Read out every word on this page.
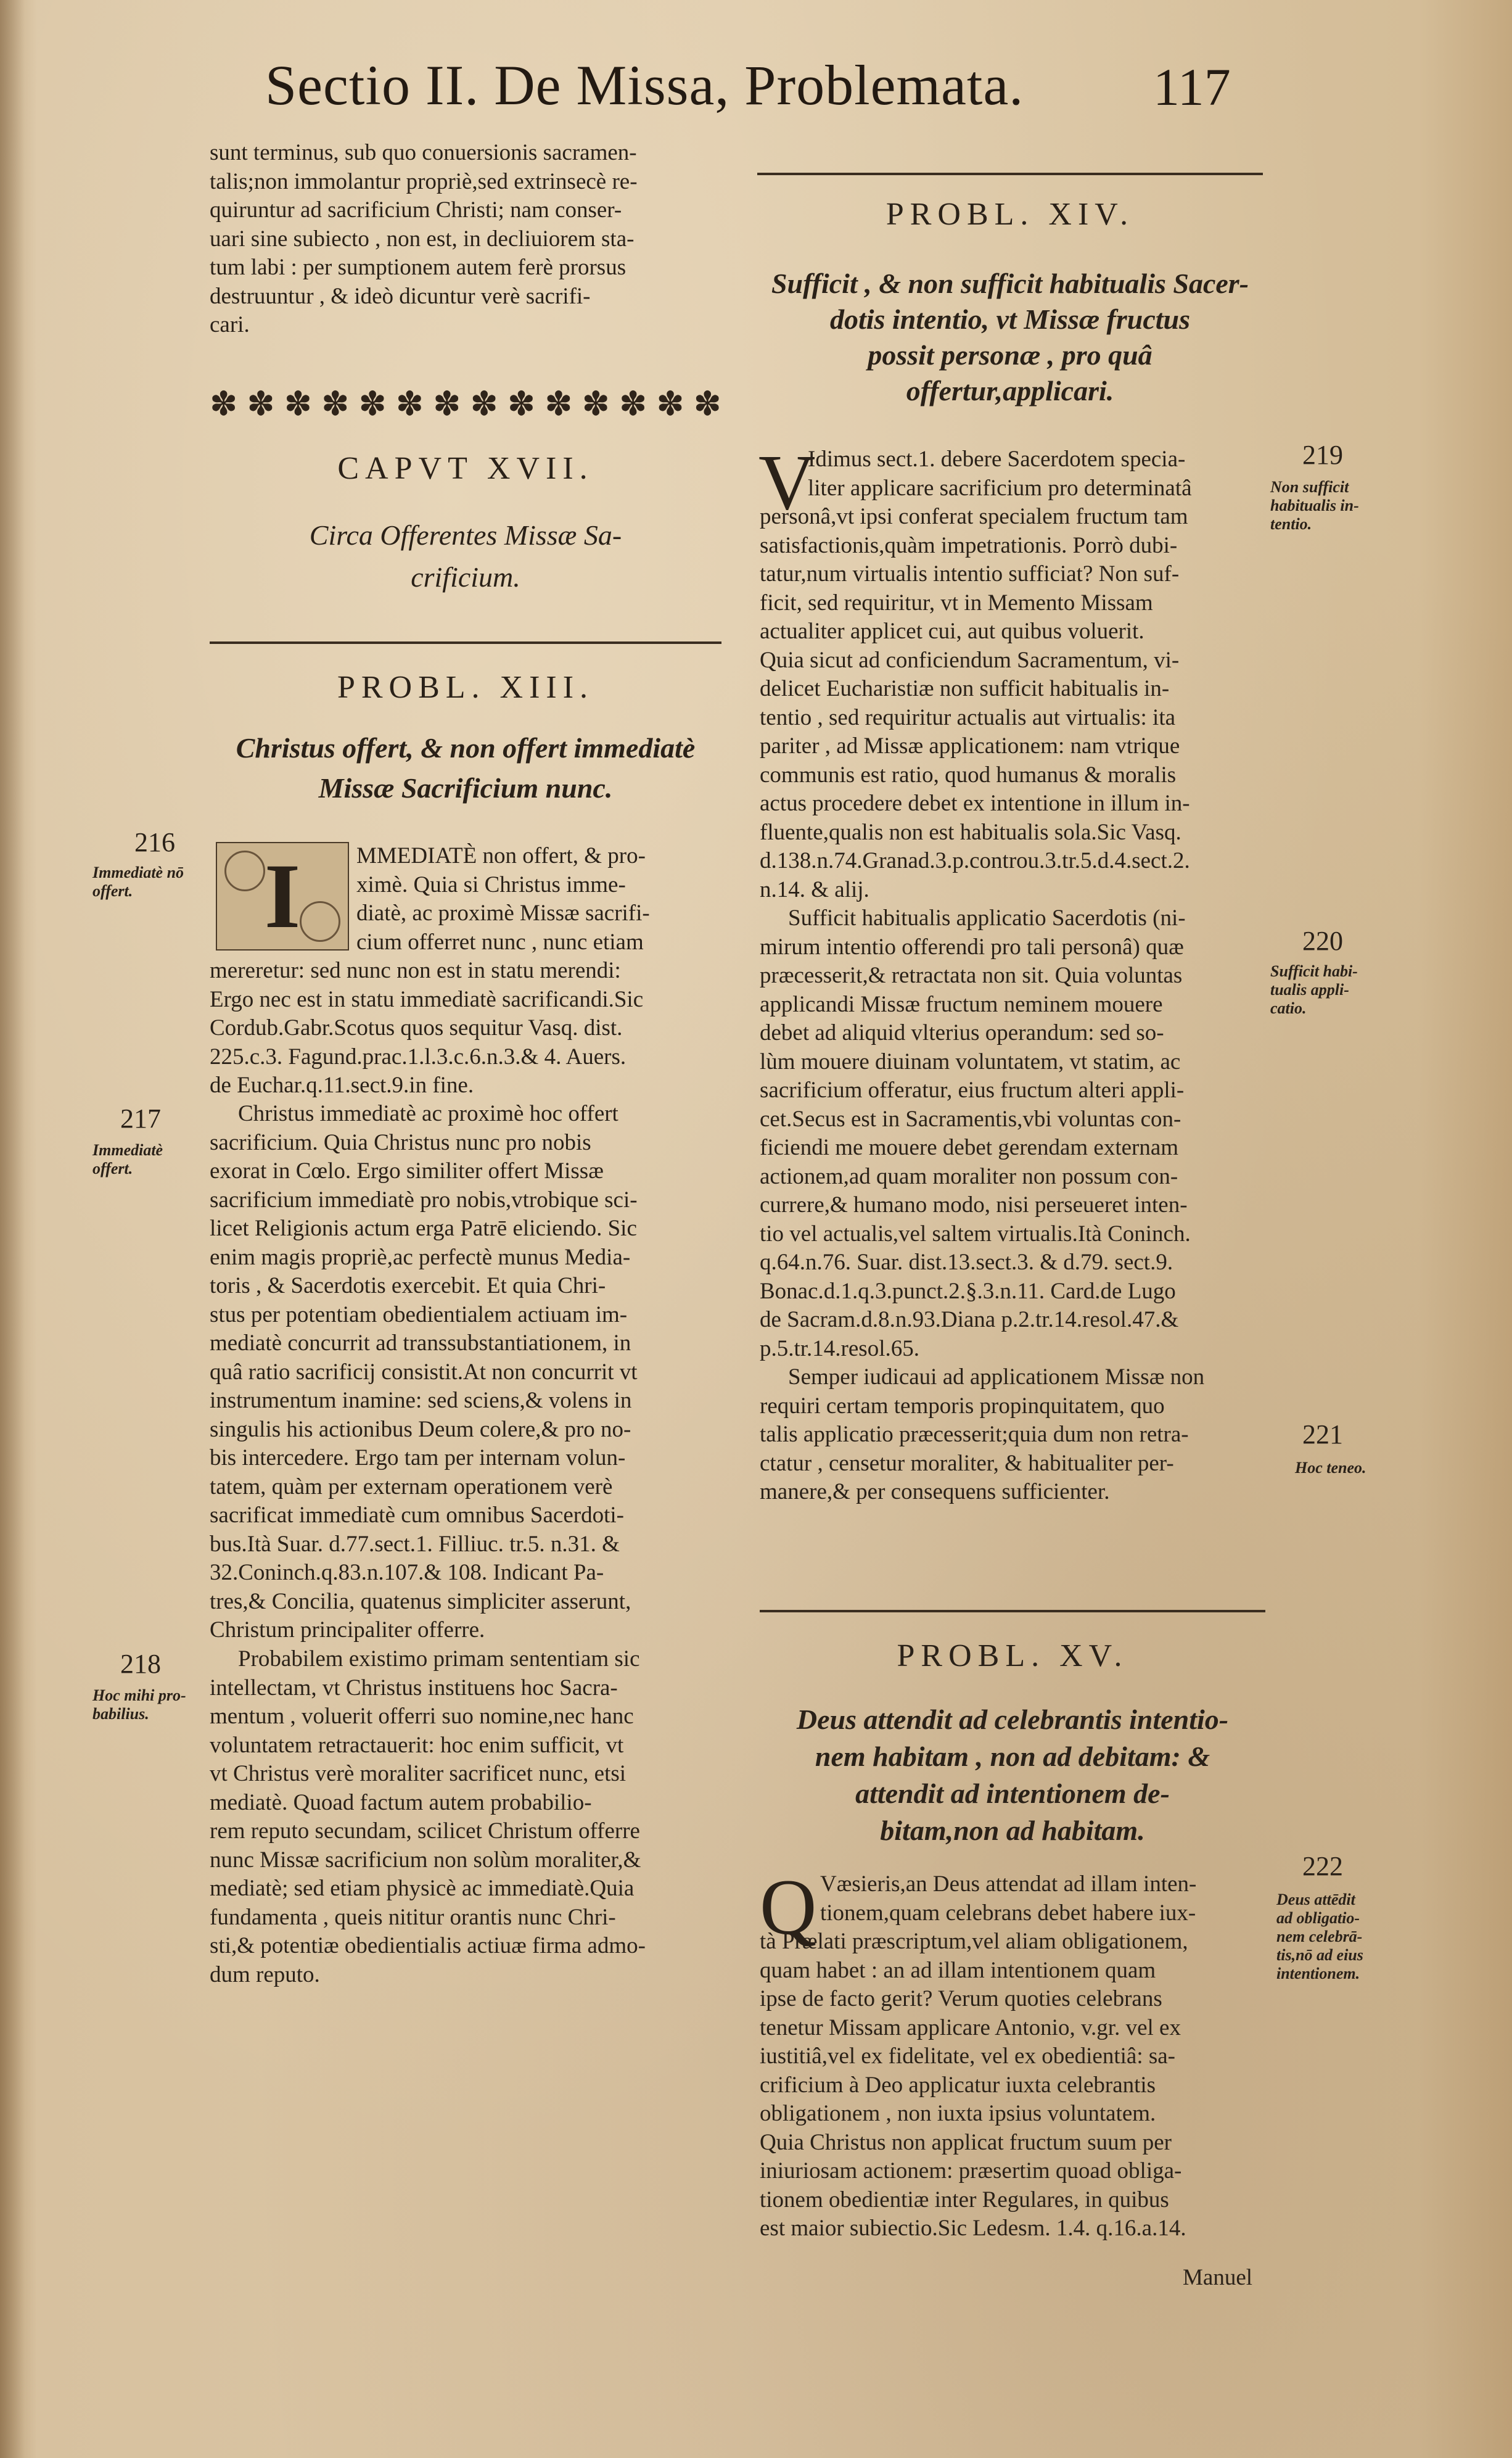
Sectio II. De Missa, Problemata. 117
sunt terminus, sub quo conuersionis sacramen-
talis;non immolantur propriè,sed extrinsecè re-
quiruntur ad sacrificium Christi; nam conser-
uari sine subiecto , non est, in decliuiorem sta-
tum labi : per sumptionem autem ferè prorsus
destruuntur , & ideò dicuntur verè sacrifi-
cari.
✽ ✽ ✽ ✽ ✽ ✽ ✽ ✽ ✽ ✽ ✽ ✽ ✽ ✽
CAPVT XVII.
Circa Offerentes Missæ Sa-
crificium.
PROBL. XIII.
Christus offert, & non offert immediatè
Missæ Sacrificium nunc.
I	MMEDIATÈ non offert, & pro-
ximè. Quia si Christus imme-
diatè, ac proximè Missæ sacrifi-
cium offerret nunc , nunc etiam
mereretur: sed nunc non est in statu merendi:
Ergo nec est in statu immediatè sacrificandi.Sic
Cordub.Gabr.Scotus quos sequitur Vasq. dist.
225.c.3. Fagund.prac.1.l.3.c.6.n.3.& 4. Auers.
de Euchar.q.11.sect.9.in fine.
Christus immediatè ac proximè hoc offert
sacrificium. Quia Christus nunc pro nobis
exorat in Cœlo. Ergo similiter offert Missæ
sacrificium immediatè pro nobis,vtrobique sci-
licet Religionis actum erga Patrē eliciendo. Sic
enim magis propriè,ac perfectè munus Media-
toris , & Sacerdotis exercebit. Et quia Chri-
stus per potentiam obedientialem actiuam im-
mediatè concurrit ad transsubstantiationem, in
quâ ratio sacrificij consistit.At non concurrit vt
instrumentum inamine: sed sciens,& volens in
singulis his actionibus Deum colere,& pro no-
bis intercedere. Ergo tam per internam volun-
tatem, quàm per externam operationem verè
sacrificat immediatè cum omnibus Sacerdoti-
bus.Ità Suar. d.77.sect.1. Filliuc. tr.5. n.31. &
32.Coninch.q.83.n.107.& 108. Indicant Pa-
tres,& Concilia, quatenus simpliciter asserunt,
Christum principaliter offerre.
Probabilem existimo primam sententiam sic
intellectam, vt Christus instituens hoc Sacra-
mentum , voluerit offerri suo nomine,nec hanc
voluntatem retractauerit: hoc enim sufficit, vt
vt Christus verè moraliter sacrificet nunc, etsi
mediatè. Quoad factum autem probabilio-
rem reputo secundam, scilicet Christum offerre
nunc Missæ sacrificium non solùm moraliter,&
mediatè; sed etiam physicè ac immediatè.Quia
fundamenta , queis nititur orantis nunc Chri-
sti,& potentiæ obedientialis actiuæ firma admo-
dum reputo.
216
Immediatè nō
offert.
217
Immediatè
offert.
218
Hoc mihi pro-
babilius.
PROBL. XIV.
Sufficit , & non sufficit habitualis Sacer-
dotis intentio, vt Missæ fructus
possit personæ , pro quâ
offertur,applicari.
V
Idimus sect.1. debere Sacerdotem specia-
liter applicare sacrificium pro determinatâ
personâ,vt ipsi conferat specialem fructum tam
satisfactionis,quàm impetrationis. Porrò dubi-
tatur,num virtualis intentio sufficiat? Non suf-
ficit, sed requiritur, vt in Memento Missam
actualiter applicet cui, aut quibus voluerit.
Quia sicut ad conficiendum Sacramentum, vi-
delicet Eucharistiæ non sufficit habitualis in-
tentio , sed requiritur actualis aut virtualis: ita
pariter , ad Missæ applicationem: nam vtrique
communis est ratio, quod humanus & moralis
actus procedere debet ex intentione in illum in-
fluente,qualis non est habitualis sola.Sic Vasq.
d.138.n.74.Granad.3.p.controu.3.tr.5.d.4.sect.2.
n.14. & alij.
Sufficit habitualis applicatio Sacerdotis (ni-
mirum intentio offerendi pro tali personâ) quæ
præcesserit,& retractata non sit. Quia voluntas
applicandi Missæ fructum neminem mouere
debet ad aliquid vlterius operandum: sed so-
lùm mouere diuinam voluntatem, vt statim, ac
sacrificium offeratur, eius fructum alteri appli-
cet.Secus est in Sacramentis,vbi voluntas con-
ficiendi me mouere debet gerendam externam
actionem,ad quam moraliter non possum con-
currere,& humano modo, nisi perseueret inten-
tio vel actualis,vel saltem virtualis.Ità Coninch.
q.64.n.76. Suar. dist.13.sect.3. & d.79. sect.9.
Bonac.d.1.q.3.punct.2.§.3.n.11. Card.de Lugo
de Sacram.d.8.n.93.Diana p.2.tr.14.resol.47.&
p.5.tr.14.resol.65.
Semper iudicaui ad applicationem Missæ non
requiri certam temporis propinquitatem, quo
talis applicatio præcesserit;quia dum non retra-
ctatur , censetur moraliter, & habitualiter per-
manere,& per consequens sufficienter.
PROBL. XV.
Deus attendit ad celebrantis intentio-
nem habitam , non ad debitam: &
attendit ad intentionem de-
bitam,non ad habitam.
Q Væsieris,an Deus attendat ad illam inten-
tionem,quam celebrans debet habere iux-
tà Prælati præscriptum,vel aliam obligationem,
quam habet : an ad illam intentionem quam
ipse de facto gerit? Verum quoties celebrans
tenetur Missam applicare Antonio, v.gr. vel ex
iustitiâ,vel ex fidelitate, vel ex obedientiâ: sa-
crificium à Deo applicatur iuxta celebrantis
obligationem , non iuxta ipsius voluntatem.
Quia Christus non applicat fructum suum per
iniuriosam actionem: præsertim quoad obliga-
tionem obedientiæ inter Regulares, in quibus
est maior subiectio.Sic Ledesm. 1.4. q.16.a.14.
Manuel
219
Non sufficit
habitualis in-
tentio.
220
Sufficit habi-
tualis appli-
catio.
221
Hoc teneo.
222
Deus attēdit
ad obligatio-
nem celebrā-
tis,nō ad eius
intentionem.
